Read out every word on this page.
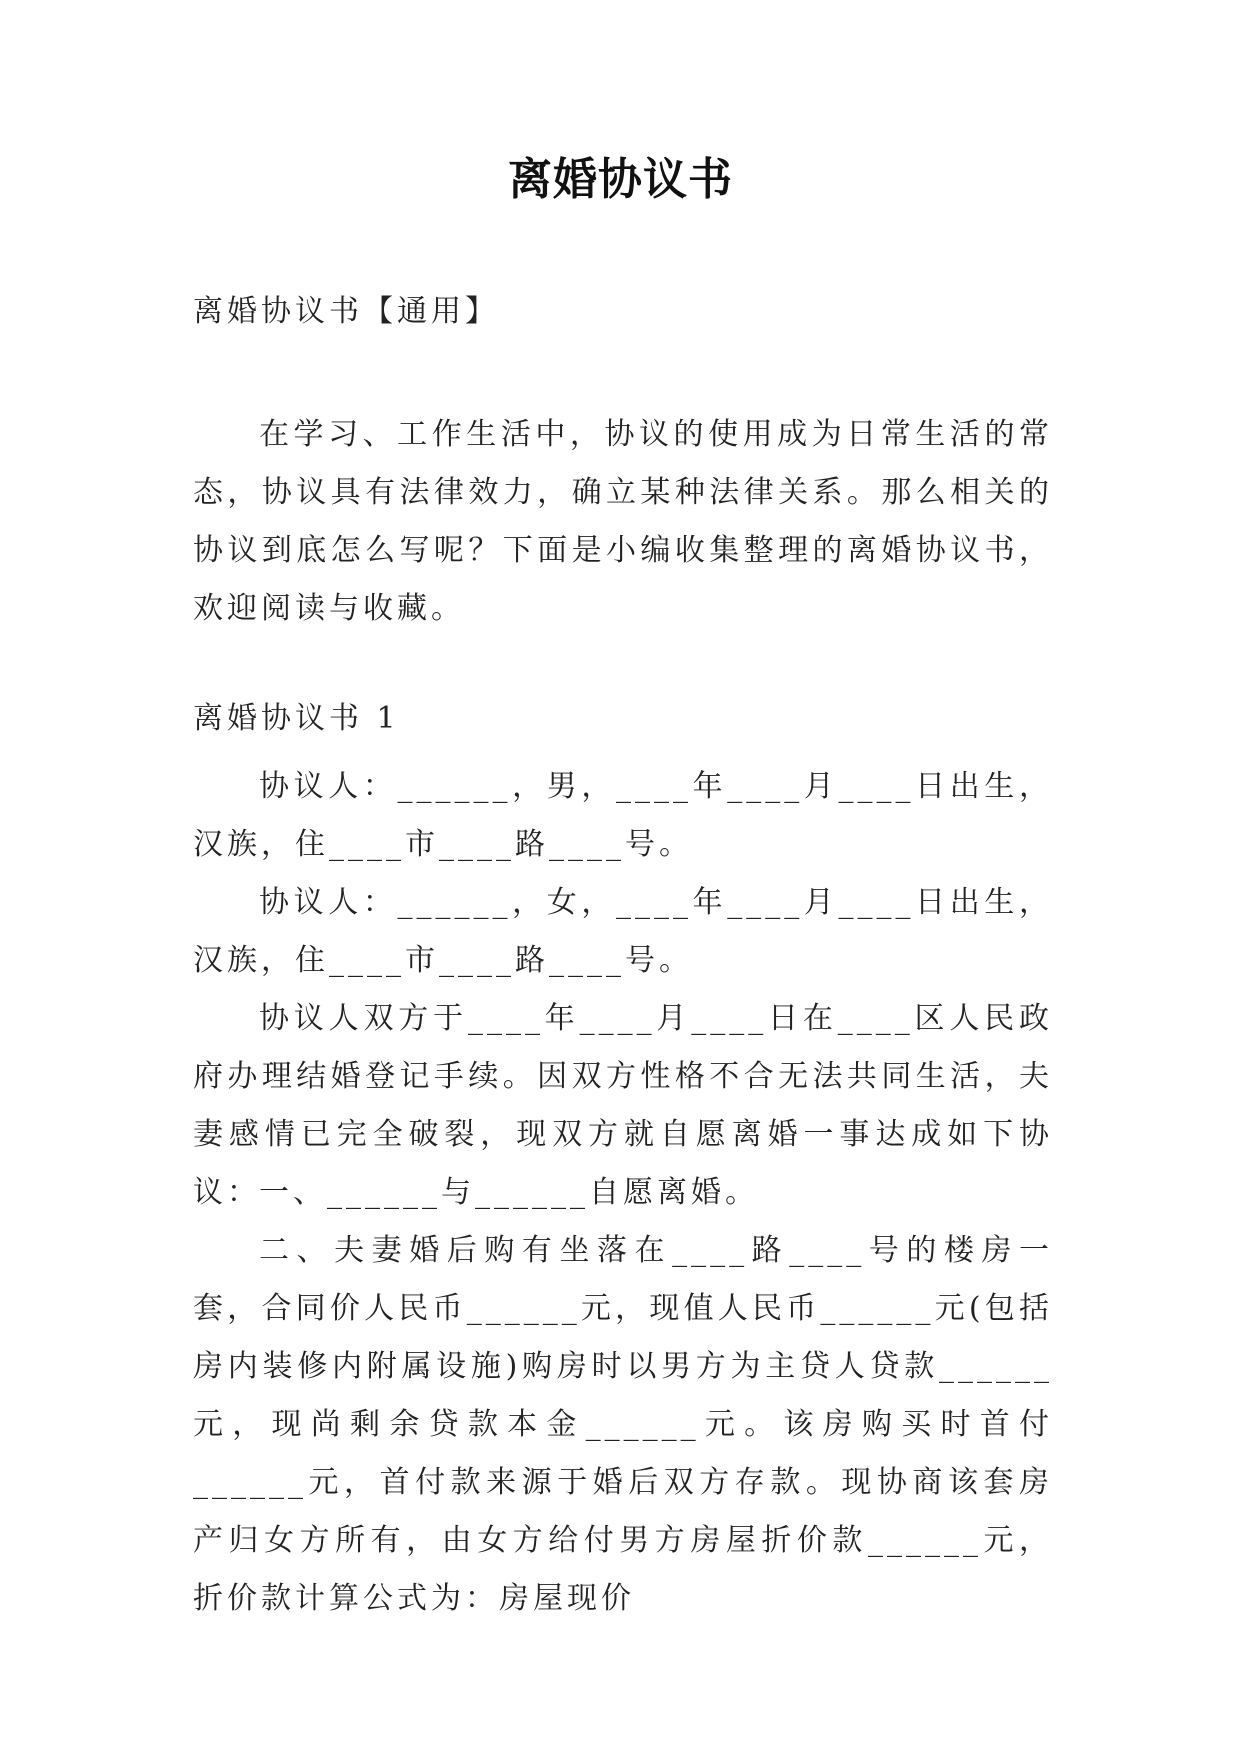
离婚协议书
离婚协议书【通用】

在学习、工作生活中，协议的使用成为日常生活的常态，协议具有法律效力，确立某种法律关系。那么相关的协议到底怎么写呢？下面是小编收集整理的离婚协议书，欢迎阅读与收藏。

离婚协议书 1

协议人：______，男，____年____月____日出生，汉族，住____市____路____号。

协议人：______，女，____年____月____日出生，汉族，住____市____路____号。

协议人双方于____年____月____日在____区人民政府办理结婚登记手续。因双方性格不合无法共同生活，夫妻感情已完全破裂，现双方就自愿离婚一事达成如下协议：

一、______与______自愿离婚。

二、夫妻婚后购有坐落在____路____号的楼房一套，合同价人民币______元，现值人民币______元(包括房内装修内附属设施)购房时以男方为主贷人贷款______元，现尚剩余贷款本金______元。该房购买时首付______元，首付款来源于婚后双方存款。现协商该套房产归女方所有，由女方给付男方房屋折价款______元，折价款计算公式为：房屋现价
